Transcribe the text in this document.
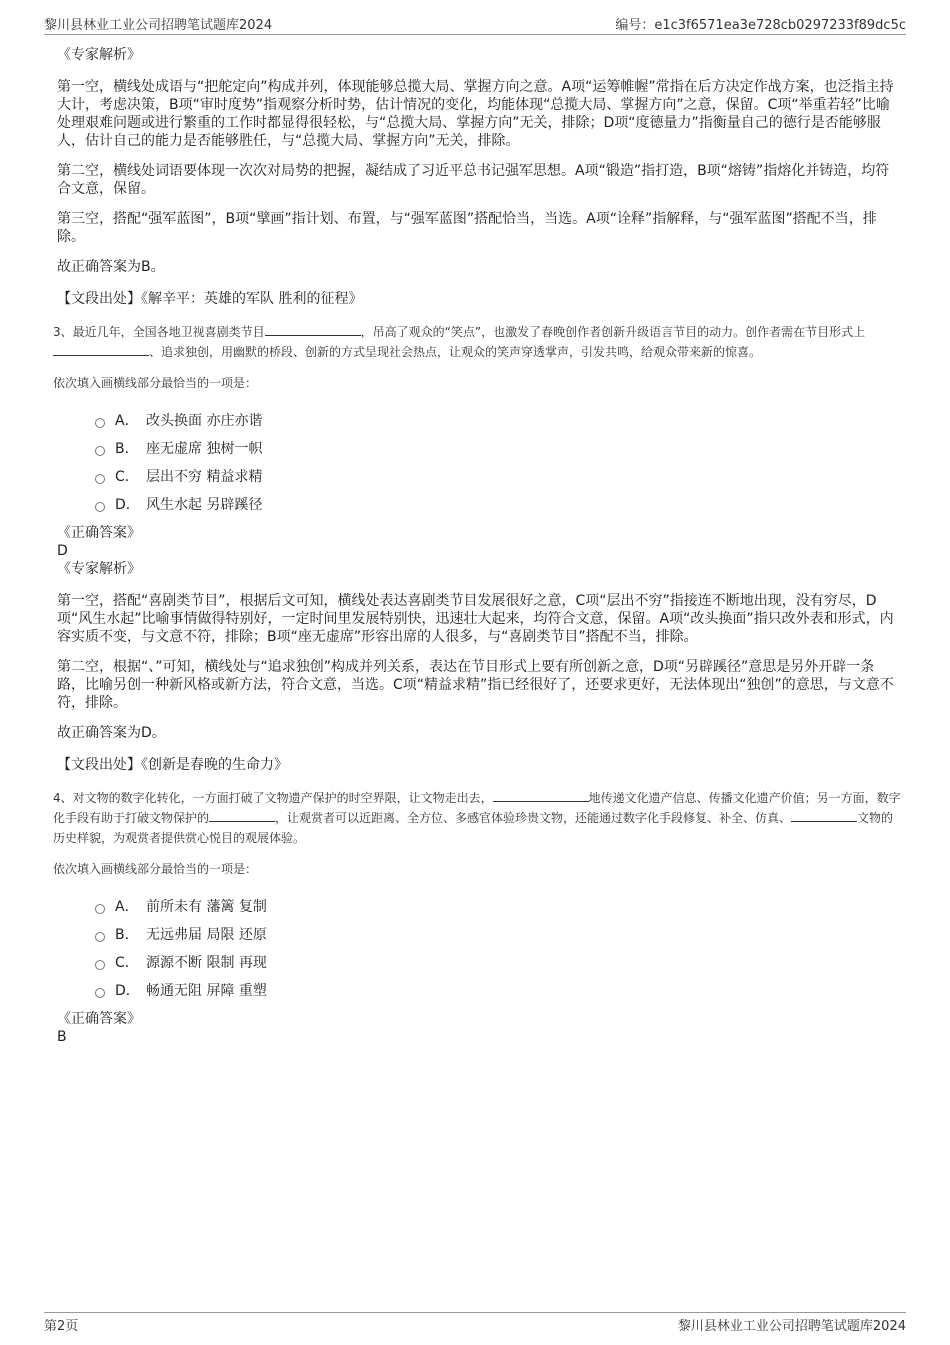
黎川县林业工业公司招聘笔试题库2024	编号：e1c3f6571ea3e728cb0297233f89dc5c

《专家解析》

第一空，横线处成语与“把舵定向”构成并列，体现能够总揽大局、掌握方向之意。A项“运筹帷幄”常指在后方决定作战方案，也泛指主持大计，考虑决策，B项“审时度势”指观察分析时势，估计情况的变化，均能体现“总揽大局、掌握方向”之意，保留。C项“举重若轻”比喻处理艰难问题或进行繁重的工作时都显得很轻松，与“总揽大局、掌握方向”无关，排除；D项“度德量力”指衡量自己的德行是否能够服人，估计自己的能力是否能够胜任，与“总揽大局、掌握方向”无关，排除。

第二空，横线处词语要体现一次次对局势的把握，凝结成了习近平总书记强军思想。A项“锻造”指打造，B项“熔铸”指熔化并铸造，均符合文意，保留。

第三空，搭配“强军蓝图”，B项“擘画”指计划、布置，与“强军蓝图”搭配恰当，当选。A项“诠释”指解释，与“强军蓝图”搭配不当，排除。

故正确答案为B。

【文段出处】《解辛平：英雄的军队 胜利的征程》

3、最近几年，全国各地卫视喜剧类节目	，吊高了观众的“笑点”，也激发了春晚创作者创新升级语言节目的动力。创作者需在节目形式上、追求独创，用幽默的桥段、创新的方式呈现社会热点，让观众的笑声穿透掌声，引发共鸣，给观众带来新的惊喜。

依次填入画横线部分最恰当的一项是：

A． 改头换面 亦庄亦谐
B． 座无虚席 独树一帜
C． 层出不穷 精益求精
D． 风生水起 另辟蹊径

《正确答案》

D

《专家解析》

第一空，搭配“喜剧类节目”，根据后文可知，横线处表达喜剧类节目发展很好之意，C项“层出不穷”指接连不断地出现，没有穷尽，D项“风生水起”比喻事情做得特别好，一定时间里发展特别快，迅速壮大起来，均符合文意，保留。A项“改头换面”指只改外表和形式，内容实质不变，与文意不符，排除；B项“座无虚席”形容出席的人很多，与“喜剧类节目”搭配不当，排除。

第二空，根据“、”可知，横线处与“追求独创”构成并列关系，表达在节目形式上要有所创新之意，D项“另辟蹊径”意思是另外开辟一条路，比喻另创一种新风格或新方法，符合文意，当选。C项“精益求精”指已经很好了，还要求更好，无法体现出“独创”的意思，与文意不符，排除。

故正确答案为D。

【文段出处】《创新是春晚的生命力》

4、对文物的数字化转化，一方面打破了文物遗产保护的时空界限，让文物走出去，	地传递文化遗产信息、传播文化遗产价值；另一方面，数字化手段有助于打破文物保护的	，让观赏者可以近距离、全方位、多感官体验珍贵文物，还能通过数字化手段修复、补全、仿真、	文物的历史样貌，为观赏者提供赏心悦目的观展体验。

依次填入画横线部分最恰当的一项是：

A． 前所未有 藩篱 复制
B． 无远弗届 局限 还原
C． 源源不断 限制 再现
D． 畅通无阻 屏障 重塑

《正确答案》

B

第2页	黎川县林业工业公司招聘笔试题库2024
